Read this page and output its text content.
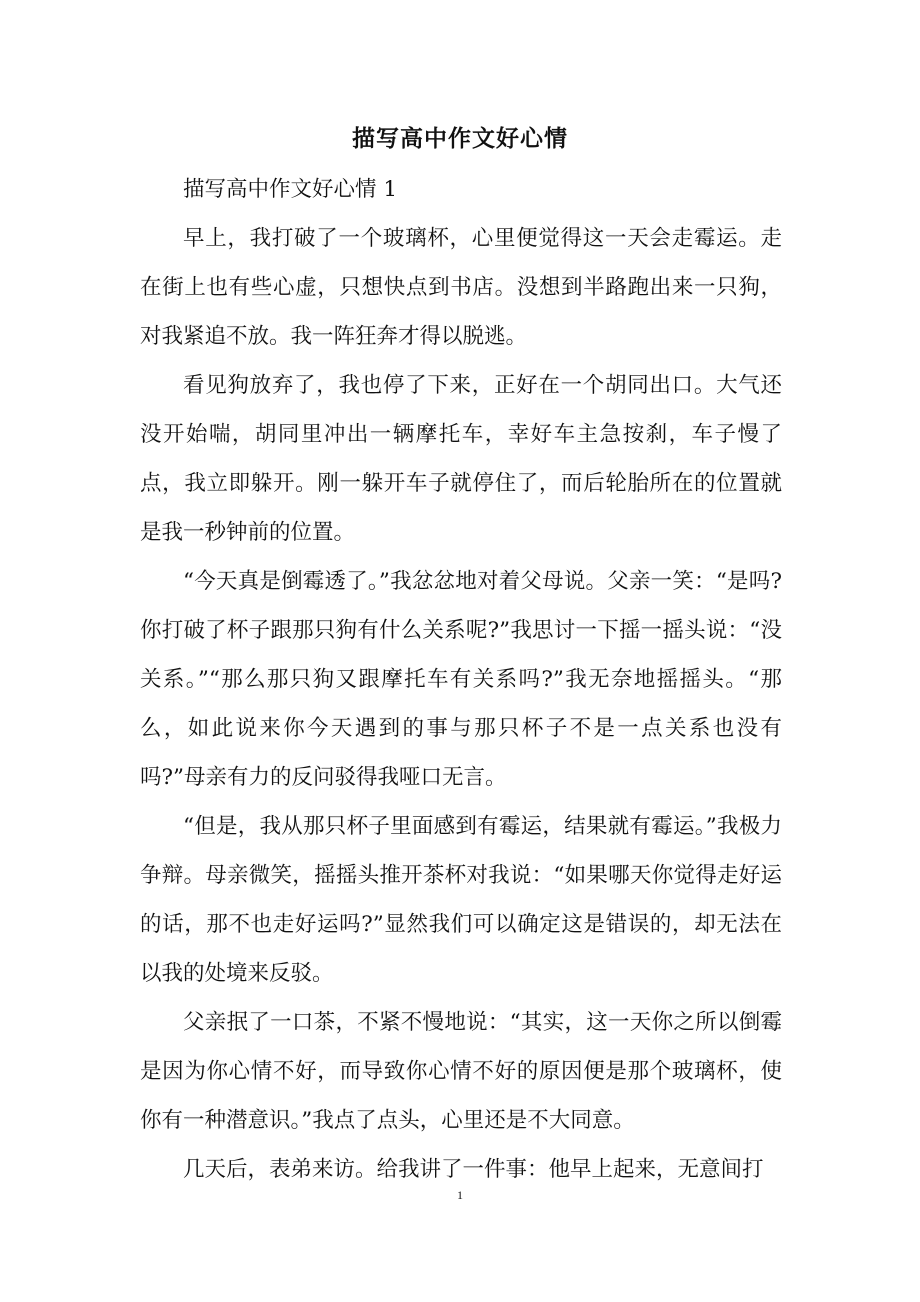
描写高中作文好心情

描写高中作文好心情 1

早上，我打破了一个玻璃杯，心里便觉得这一天会走霉运。走在街上也有些心虚，只想快点到书店。没想到半路跑出来一只狗，对我紧追不放。我一阵狂奔才得以脱逃。

看见狗放弃了，我也停了下来，正好在一个胡同出口。大气还没开始喘，胡同里冲出一辆摩托车，幸好车主急按刹，车子慢了点，我立即躲开。刚一躲开车子就停住了，而后轮胎所在的位置就是我一秒钟前的位置。

“今天真是倒霉透了。”我忿忿地对着父母说。父亲一笑：“是吗?你打破了杯子跟那只狗有什么关系呢?”我思讨一下摇一摇头说：“没关系。”“那么那只狗又跟摩托车有关系吗?”我无奈地摇摇头。“那么，如此说来你今天遇到的事与那只杯子不是一点关系也没有吗?”母亲有力的反问驳得我哑口无言。

“但是，我从那只杯子里面感到有霉运，结果就有霉运。”我极力争辩。母亲微笑，摇摇头推开茶杯对我说：“如果哪天你觉得走好运的话，那不也走好运吗?”显然我们可以确定这是错误的，却无法在以我的处境来反驳。

父亲抿了一口茶，不紧不慢地说：“其实，这一天你之所以倒霉是因为你心情不好，而导致你心情不好的原因便是那个玻璃杯，使你有一种潜意识。”我点了点头，心里还是不大同意。

几天后，表弟来访。给我讲了一件事：他早上起来，无意间打

1
